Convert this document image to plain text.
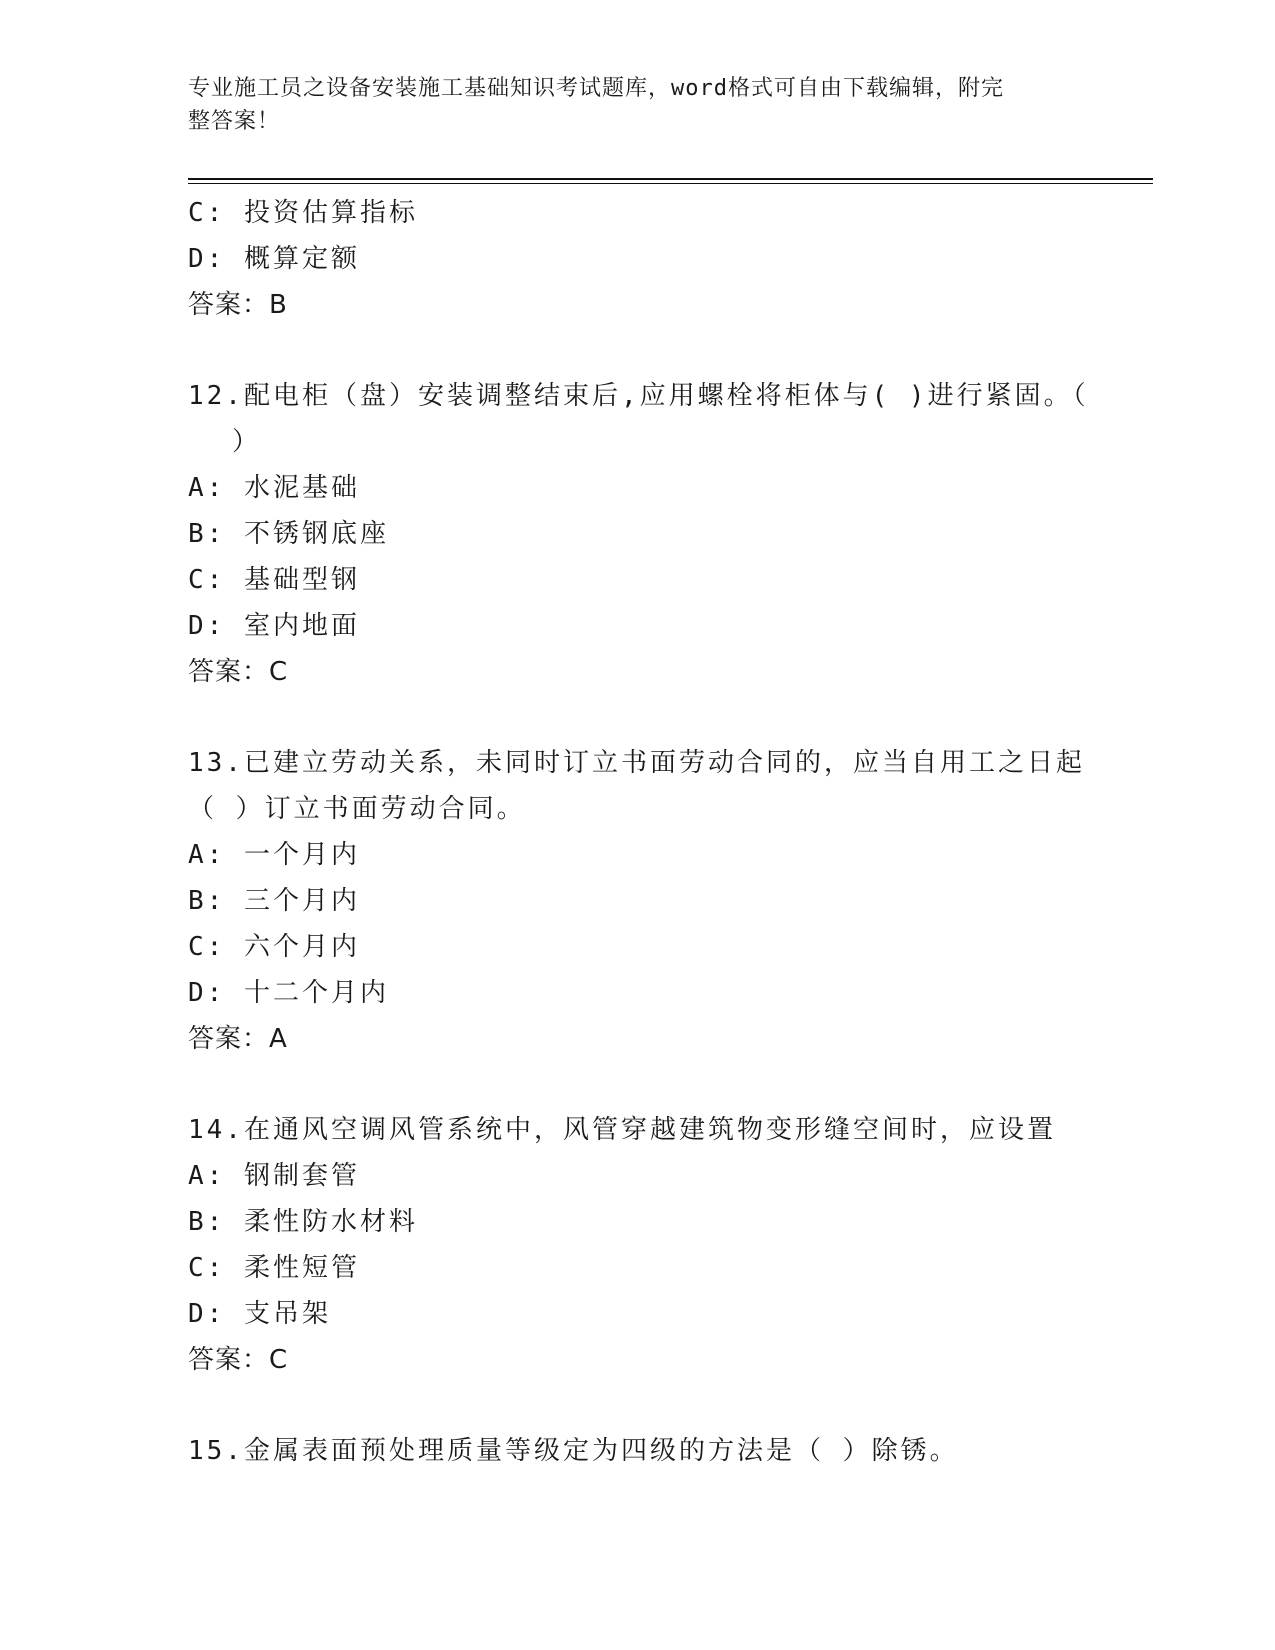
专业施工员之设备安装施工基础知识考试题库，word格式可自由下载编辑，附完
整答案！
C: 投资估算指标
D: 概算定额
答案：B
12.配电柜（盘）安装调整结束后,应用螺栓将柜体与( )进行紧固。（
）
A: 水泥基础
B: 不锈钢底座
C: 基础型钢
D: 室内地面
答案：C
13.已建立劳动关系，未同时订立书面劳动合同的，应当自用工之日起
（ ）订立书面劳动合同。
A: 一个月内
B: 三个月内
C: 六个月内
D: 十二个月内
答案：A
14.在通风空调风管系统中，风管穿越建筑物变形缝空间时，应设置
A: 钢制套管
B: 柔性防水材料
C: 柔性短管
D: 支吊架
答案：C
15.金属表面预处理质量等级定为四级的方法是（ ）除锈。
